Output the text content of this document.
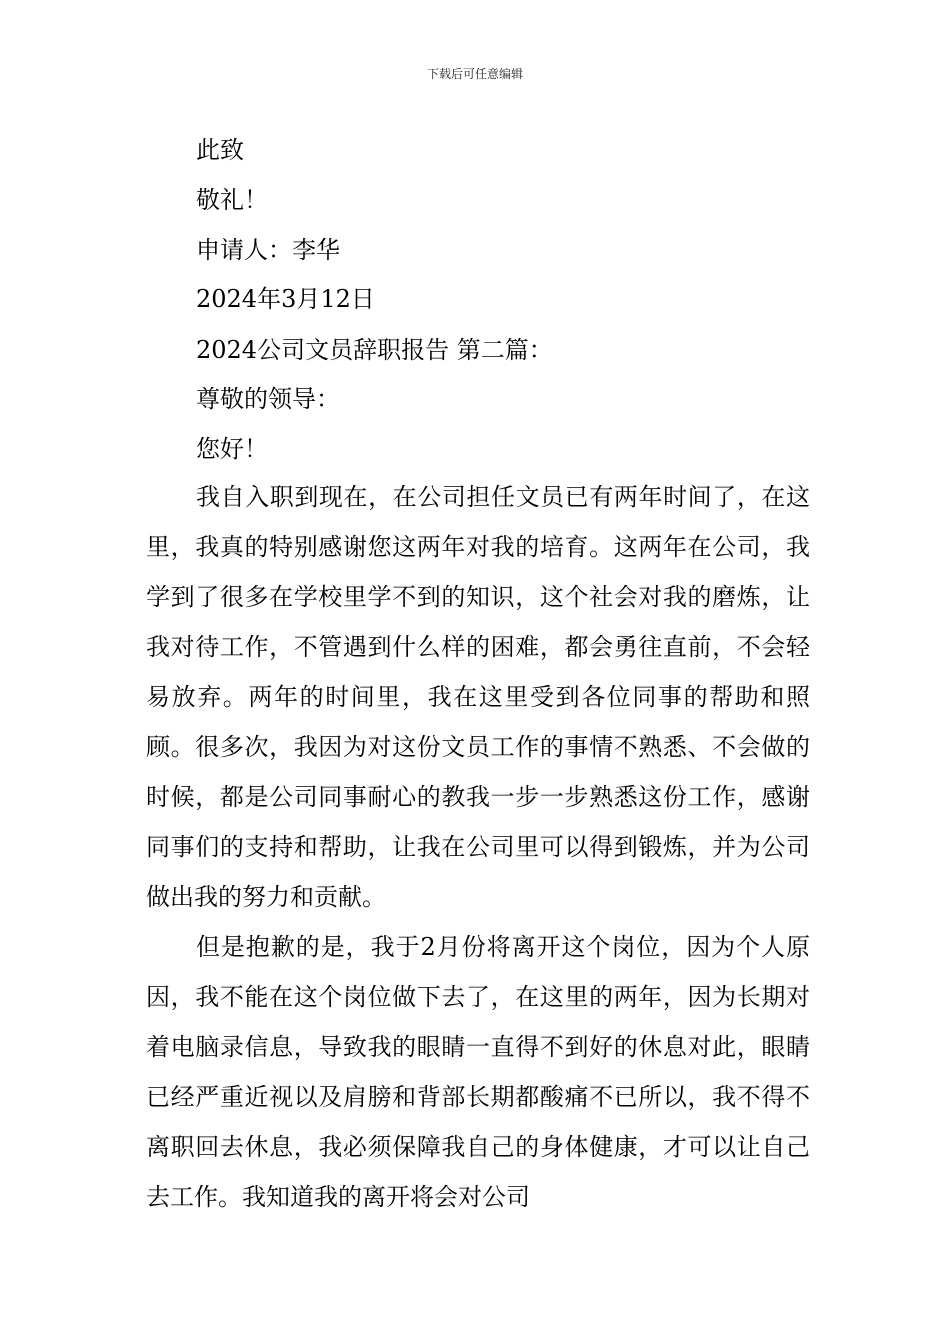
下载后可任意编辑
此致
敬礼！
申请人：李华
2024年3月12日
2024公司文员辞职报告 第二篇：
尊敬的领导：
您好！

我自入职到现在，在公司担任文员已有两年时间了，在这里，我真的特别感谢您这两年对我的培育。这两年在公司，我学到了很多在学校里学不到的知识，这个社会对我的磨炼，让我对待工作，不管遇到什么样的困难，都会勇往直前，不会轻易放弃。两年的时间里，我在这里受到各位同事的帮助和照顾。很多次，我因为对这份文员工作的事情不熟悉、不会做的时候，都是公司同事耐心的教我一步一步熟悉这份工作，感谢同事们的支持和帮助，让我在公司里可以得到锻炼，并为公司做出我的努力和贡献。

但是抱歉的是，我于2月份将离开这个岗位，因为个人原因，我不能在这个岗位做下去了，在这里的两年，因为长期对着电脑录信息，导致我的眼睛一直得不到好的休息对此，眼睛已经严重近视以及肩膀和背部长期都酸痛不已所以，我不得不离职回去休息，我必须保障我自己的身体健康，才可以让自己去工作。我知道我的离开将会对公司
